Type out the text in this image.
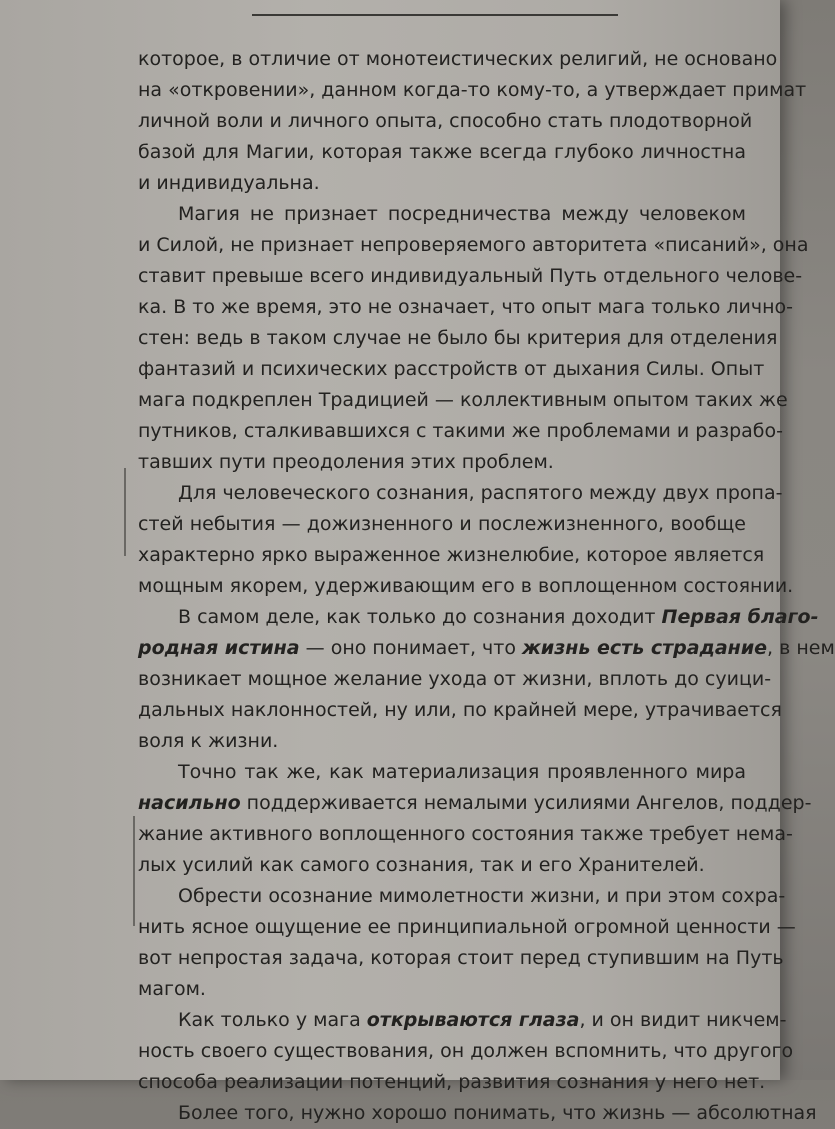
которое, в отличие от монотеистических религий, не основано
на «откровении», данном когда-то кому-то, а утверждает примат
личной воли и личного опыта, способно стать плодотворной
базой для Магии, которая также всегда глубоко личностна
и индивидуальна.

Магия не признает посредничества между человеком
и Силой, не признает непроверяемого авторитета «писаний», она
ставит превыше всего индивидуальный Путь отдельного челове-
ка. В то же время, это не означает, что опыт мага только лично-
стен: ведь в таком случае не было бы критерия для отделения
фантазий и психических расстройств от дыхания Силы. Опыт
мага подкреплен Традицией — коллективным опытом таких же
путников, сталкивавшихся с такими же проблемами и разрабо-
тавших пути преодоления этих проблем.

Для человеческого сознания, распятого между двух пропа-
стей небытия — дожизненного и послежизненного, вообще
характерно ярко выраженное жизнелюбие, которое является
мощным якорем, удерживающим его в воплощенном состоянии.

В самом деле, как только до сознания доходит Первая благо-
родная истина — оно понимает, что жизнь есть страдание, в нем
возникает мощное желание ухода от жизни, вплоть до суици-
дальных наклонностей, ну или, по крайней мере, утрачивается
воля к жизни.

Точно так же, как материализация проявленного мира
насильно поддерживается немалыми усилиями Ангелов, поддер-
жание активного воплощенного состояния также требует нема-
лых усилий как самого сознания, так и его Хранителей.

Обрести осознание мимолетности жизни, и при этом сохра-
нить ясное ощущение ее принципиальной огромной ценности —
вот непростая задача, которая стоит перед ступившим на Путь
магом.

Как только у мага открываются глаза, и он видит никчем-
ность своего существования, он должен вспомнить, что другого
способа реализации потенций, развития сознания у него нет.

Более того, нужно хорошо понимать, что жизнь — абсолютная
